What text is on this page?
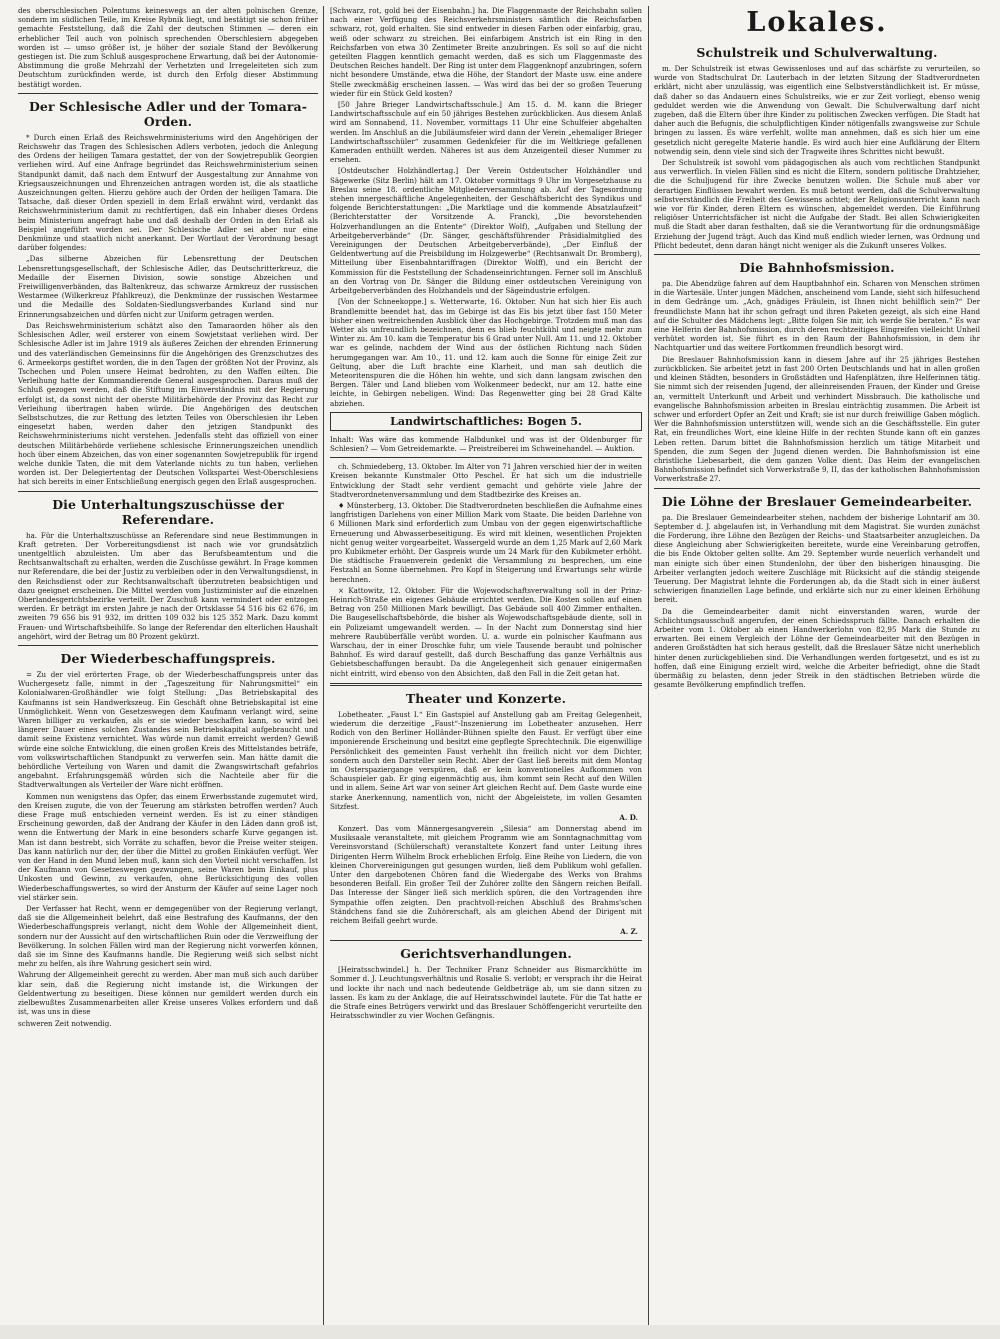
des oberschlesischen Polentums keineswegs an der alten polnischen Grenze, sondern im südlichen Teile, im Kreise Rybnik liegt, und bestätigt sie schon früher gemachte Feststellung, daß die Zahl der deutschen Stimmen — deren ein erheblicher Teil auch von polnisch sprechenden Oberschlesiern abgegeben worden ist — umso größer ist, je höher der soziale Stand der Bevölkerung gestiegen ist. Die zum Schluß ausgesprochene Erwartung, daß bei der Autonomie-Abstimmung die große Mehrzahl der Verhetzten und Irregeleiteten sich zum Deutschtum zurückfinden werde, ist durch den Erfolg dieser Abstimmung bestätigt worden.

Der Schlesische Adler und der Tomara-Orden.

* Durch einen Erlaß des Reichswehrministeriums wird den Angehörigen der Reichswehr das Tragen des Schlesischen Adlers verboten, jedoch die Anlegung des Ordens der heiligen Tamara gestattet, der von der Sowjetrepublik Georgien verliehen wird. Auf eine Anfrage begründet das Reichswehrministerium seinen Standpunkt damit, daß nach dem Entwurf der Ausgestaltung zur Annahme von Kriegsauszeichnungen und Ehrenzeichen antragen worden ist, die als staatliche Auszeichnungen gelten. Hierzu gehöre auch der Orden der heiligen Tamara. Die Tatsache, daß dieser Orden speziell in dem Erlaß erwähnt wird, verdankt das Reichswehrministerium damit zu rechtfertigen, daß ein Inhaber dieses Ordens beim Ministerium angefragt habe und daß deshalb der Orden in den Erlaß als Beispiel angeführt worden sei. Der Schlesische Adler sei aber nur eine Denkmünze und staatlich nicht anerkannt. Der Wortlaut der Verordnung besagt darüber folgendes:

„Das silberne Abzeichen für Lebensrettung der Deutschen Lebensrettungsgesellschaft, der Schlesische Adler, das Deutschritterkreuz, die Medaille der Eisernen Division, sowie sonstige Abzeichen und Freiwilligenverbänden, das Baltenkreuz, das schwarze Armkreuz der russischen Westarmee (Wilkerkreuz Pfahlkreuz), die Denkmünze der russischen Westarmee und die Medaille des Soldaten-Siedlungsverbandes Kurland sind nur Erinnerungsabzeichen und dürfen nicht zur Uniform getragen werden.

Das Reichswehrministerium schätzt also den Tamaraorden höher als den Schlesischen Adler, weil ersterer von einem Sowjetstaat verliehen wird. Der Schlesische Adler ist im Jahre 1919 als äußeres Zeichen der ehrenden Erinnerung und des vaterländischen Gemeinsinns für die Angehörigen des Grenzschutzes des 6. Armeekorps gestiftet worden, die in den Tagen der größten Not der Provinz, als Tschechen und Polen unsere Heimat bedrohten, zu den Waffen eilten. Die Verleihung hatte der Kommandierende General ausgesprochen. Daraus muß der Schluß gezogen werden, daß die Stiftung im Einverständnis mit der Regierung erfolgt ist, da sonst nicht der oberste Militärbehörde der Provinz das Recht zur Verleihung übertragen haben würde. Die Angehörigen des deutschen Selbstschutzes, die zur Rettung des letzten Teiles von Oberschlesien ihr Leben eingesetzt haben, werden daher den jetzigen Standpunkt des Reichswehrministeriums nicht verstehen. Jedenfalls steht das offiziell von einer deutschen Militärbehörde verliehene schlesische Erinnerungszeichen unendlich hoch über einem Abzeichen, das von einer sogenannten Sowjetrepublik für irgend welche dunkle Taten, die mit dem Vaterlande nichts zu tun haben, verliehen worden ist. Der Delegiertentag der Deutschen Volkspartei West-Oberschlesiens hat sich bereits in einer Entschließung energisch gegen den Erlaß ausgesprochen.

Die Unterhaltungszuschüsse der Referendare.

ha. Für die Unterhaltszuschüsse an Referendare sind neue Bestimmungen in Kraft getreten. Der Vorbereitungsdienst ist nach wie vor grundsätzlich unentgeltlich abzuleisten. Um aber das Berufsbeamtentum und die Rechtsanwaltschaft zu erhalten, werden die Zuschüsse gewährt. In Frage kommen nur Referendare, die bei der Justiz zu verbleiben oder in den Verwaltungsdienst, in den Reichsdienst oder zur Rechtsanwaltschaft überzutreten beabsichtigen und dazu geeignet erscheinen. Die Mittel werden vom Justizminister auf die einzelnen Oberlandesgerichtsbezirke verteilt. Der Zuschuß kann vermindert oder entzogen werden. Er beträgt im ersten Jahre je nach der Ortsklasse 54 516 bis 62 676, im zweiten 79 656 bis 91 932, im dritten 109 032 bis 125 352 Mark. Dazu kommt Frauen- und Wirtschaftsbeihilfe. So lange der Referendar den elterlichen Haushalt angehört, wird der Betrag um 80 Prozent gekürzt.

Der Wiederbeschaffungspreis.

= Zu der viel erörterten Frage, ob der Wiederbeschaffungspreis unter das Wuchergesetz falle, nimmt in der „Tageszeitung für Nahrungsmittel“ ein Kolonialwaren-Großhändler wie folgt Stellung: „Das Betriebskapital des Kaufmanns ist sein Handwerkszeug. Ein Geschäft ohne Betriebskapital ist eine Unmöglichkeit. Wenn von Gesetzeswegen dem Kaufmann verlangt wird, seine Waren billiger zu verkaufen, als er sie wieder beschaffen kann, so wird bei längerer Dauer eines solchen Zustandes sein Betriebskapital aufgebraucht und damit seine Existenz vernichtet. Was würde nun damit erreicht werden? Gewiß würde eine solche Entwicklung, die einen großen Kreis des Mittelstandes beträfe, vom volkswirtschaftlichen Standpunkt zu verwerfen sein. Man hätte damit die behördliche Verteilung von Waren und damit die Zwangswirtschaft gefahrlos angebahnt. Erfahrungsgemäß würden sich die Nachteile aber für die Stadtverwaltungen als Verteiler der Ware nicht eröffnen.

Kommen nun wenigstens das Opfer, das einem Erwerbsstande zugemutet wird, den Kreisen zugute, die von der Teuerung am stärksten betroffen werden? Auch diese Frage muß entschieden verneint werden. Es ist zu einer ständigen Erscheinung geworden, daß der Andrang der Käufer in den Läden dann groß ist, wenn die Entwertung der Mark in eine besonders scharfe Kurve gegangen ist. Man ist dann bestrebt, sich Vorräte zu schaffen, bevor die Preise weiter steigen. Das kann natürlich nur der, der über die Mittel zu großen Einkäufen verfügt. Wer von der Hand in den Mund leben muß, kann sich den Vorteil nicht verschaffen. Ist der Kaufmann von Gesetzeswegen gezwungen, seine Waren beim Einkauf, plus Unkosten und Gewinn, zu verkaufen, ohne Berücksichtigung des vollen Wiederbeschaffungswertes, so wird der Ansturm der Käufer auf seine Lager noch viel stärker sein.

Der Verfasser hat Recht, wenn er demgegenüber von der Regierung verlangt, daß sie die Allgemeinheit belehrt, daß eine Bestrafung des Kaufmanns, der den Wiederbeschaffungspreis verlangt, nicht dem Wohle der Allgemeinheit dient, sondern nur der Aussicht auf den wirtschaftlichen Ruin oder die Verzweiflung der Bevölkerung. In solchen Fällen wird man der Regierung nicht vorwerfen können, daß sie im Sinne des Kaufmanns handle. Die Regierung weiß sich selbst nicht mehr zu helfen, als ihre Wahrung gesichert sein wird.

Wahrung der Allgemeinheit gerecht zu werden. Aber man muß sich auch darüber klar sein, daß die Regierung nicht imstande ist, die Wirkungen der Geldentwertung zu beseitigen. Diese können nur gemildert werden durch ein zielbewußtes Zusammenarbeiten aller Kreise unseres Volkes erfordern und daß ist, was uns in diese

schweren Zeit notwendig.

[Schwarz, rot, gold bei der Eisenbahn.] ha. Die Flaggenmaste der Reichsbahn sollen nach einer Verfügung des Reichsverkehrsministers sämtlich die Reichsfarben schwarz, rot, gold erhalten. Sie sind entweder in diesen Farben oder einfarbig, grau, weiß oder schwarz zu streichen. Bei einfarbigem Anstrich ist ein Ring in den Reichsfarben von etwa 30 Zentimeter Breite anzubringen. Es soll so auf die nicht geteilten Flaggen kenntlich gemacht werden, daß es sich um Flaggenmaste des Deutschen Reiches handelt. Der Ring ist unter dem Flaggenknopf anzubringen, sofern nicht besondere Umstände, etwa die Höhe, der Standort der Maste usw. eine andere Stelle zweckmäßig erscheinen lassen. — Was wird das bei der so großen Teuerung wieder für ein Stück Geld kosten?

[50 Jahre Brieger Landwirtschaftsschule.] Am 15. d. M. kann die Brieger Landwirtschaftsschule auf ein 50 jähriges Bestehen zurückblicken. Aus diesem Anlaß wird am Sonnabend, 11. November, vormittags 11 Uhr eine Schulfeier abgehalten werden. Im Anschluß an die Jubiläumsfeier wird dann der Verein „ehemaliger Brieger Landwirtschaftsschüler“ zusammen Gedenkfeier für die im Weltkriege gefallenen Kameraden enthüllt werden. Näheres ist aus dem Anzeigenteil dieser Nummer zu ersehen.

[Ostdeutscher Holzhändlertag.] Der Verein Ostdeutscher Holzhändler und Sägewerke (Sitz Berlin) hält am 17. Oktober vormittags 9 Uhr im Vorgesetzhause zu Breslau seine 18. ordentliche Mitgliederversammlung ab. Auf der Tagesordnung stehen innergeschäftliche Angelegenheiten, der Geschäftsbericht des Syndikus und folgende Berichterstattungen: „Die Marktlage und die kommende Absatzlaufzeit“ (Berichterstatter der Vorsitzende A. Franck), „Die bevorstehenden Holzverhandlungen an die Entente“ (Direktor Wolf), „Aufgaben und Stellung der Arbeitgeberverbände“ (Dr. Sänger, geschäftsführender Präsidialmitglied des Vereinigungen der Deutschen Arbeitgeberverbände), „Der Einfluß der Geldentwertung auf die Preisbildung im Holzgewerbe“ (Rechtsanwalt Dr. Bromberg), Mitteilung über Eisenbahntariffragen (Direktor Wolff), und ein Bericht der Kommission für die Feststellung der Schadenseinrichtungen. Ferner soll im Anschluß an den Vortrag von Dr. Sänger die Bildung einer ostdeutschen Vereinigung von Arbeitgeberverbänden des Holzhandels und der Sägeindustrie erfolgen.

[Von der Schneekoppe.] s. Wetterwarte, 16. Oktober. Nun hat sich hier Eis auch Brandlemitte beendet hat, das im Gebirge ist das Eis bis jetzt über fast 150 Meter bisher einen weitreichenden Ausblick über das Hochgebirge. Trotzdem muß man das Wetter als unfreundlich bezeichnen, denn es blieb feuchtkühl und neigte mehr zum Winter zu. Am 10. kam die Temperatur bis 6 Grad unter Null. Am 11. und 12. Oktober war es gelinde, nachdem der Wind aus der östlichen Richtung nach Süden herumgegangen war. Am 10., 11. und 12. kam auch die Sonne für einige Zeit zur Geltung, aber die Luft brachte eine Klarheit, und man sah deutlich die Meteoritenspuren die die Höhen hin wehte, und sich dann langsam zwischen den Bergen. Täler und Land blieben vom Wolkenmeer bedeckt, nur am 12. hatte eine leichte, in Gebirgen nebeligen. Wind: Das Regenwetter ging bei 28 Grad Kälte abziehen.

Landwirtschaftliches: Bogen 5.

Inhalt: Was wäre das kommende Halbdunkel und was ist der Oldenburger für Schlesien? — Vom Getreidemarkte. — Preistreiberei im Schweinehandel. — Auktion.

ch. Schmiedeberg, 13. Oktober. Im Alter von 71 Jahren verschied hier der in weiten Kreisen bekannte Kunstmaler Otto Peschel. Er hat sich um die industrielle Entwicklung der Stadt sehr verdient gemacht und gehörte viele Jahre der Stadtverordnetenversammlung und dem Stadtbezirke des Kreises an.

♦ Münsterberg, 13. Oktober. Die Stadtverordneten beschließen die Aufnahme eines langfristigen Darlehens von einer Million Mark vom Staate. Die beiden Darlehne von 6 Millionen Mark sind erforderlich zum Umbau von der gegen eigenwirtschaftliche Erneuerung und Abwasserbeseitigung. Es wird mit kleinen, wesentlichen Projekten nicht genug weiter vorgearbeitet. Wassergeld wurde an dem 1,25 Mark auf 2,60 Mark pro Kubikmeter erhöht. Der Gaspreis wurde um 24 Mark für den Kubikmeter erhöht. Die städtische Frauenverein gedenkt die Versammlung zu besprechen, um eine Festzahl an Sonne übernehmen. Pro Kopf in Steigerung und Erwartungs sehr würde berechnen.

× Kattowitz, 12. Oktober. Für die Wojewodschaftsverwaltung soll in der Prinz-Heinrich-Straße ein eigenes Gebäude errichtet werden. Die Kosten sollen auf einen Betrag von 250 Millionen Mark bewilligt. Das Gebäude soll 400 Zimmer enthalten. Die Baugesellschaftsbehörde, die bisher als Wojewodschaftsgebäude diente, soll in ein Polizeiamt umgewandelt werden. — In der Nacht zum Donnerstag sind hier mehrere Raubüberfälle verübt worden. U. a. wurde ein polnischer Kaufmann aus Warschau, der in einer Droschke fuhr, um viele Tausende beraubt und polnischer Bahnhof. Es wird darauf gestellt, daß durch Beschaffung das ganze Verhältnis aus Gebietsbeschaffungen beraubt. Da die Angelegenheit sich genauer einigermaßen nicht eintritt, wird ebenso von den Absichten, daß den Fall in die Zeit getan hat.

Theater und Konzerte.

Lobetheater. „Faust I.“ Ein Gastspiel auf Anstellung gab am Freitag Gelegenheit, wiederum die derzeitige „Faust“-Inszenierung im Lobetheater anzusehen. Herr Rodich von den Berliner Holländer-Bühnen spielte den Faust. Er verfügt über eine imponierende Erscheinung und besitzt eine gepflegte Sprechtechnik. Die eigenwillige Persönlichkeit des gemeinten Faust verhehlt ihn freilich nicht vor dem Dichter, sondern auch den Darsteller sein Recht. Aber der Gast ließ bereits mit dem Montag im Osterspaziergange verspüren, daß er kein konventionelles Aufkommen von Schauspieler gab. Er ging eigenmächtig aus, ihm kommt sein Recht auf den Willen und in allem. Seine Art war von seiner Art gleichen Recht auf. Dem Gaste wurde eine starke Anerkennung, namentlich von, nicht der Abgeleistete, im vollen Gesamten Sitzfest.

A. D.

Konzert. Das vom Männergesangverein „Silesia“ am Donnerstag abend im Musiksaale veranstaltete, mit gleichem Programm wie am Sonntagnachmittag vom Vereinsvorstand (Schülerschaft) veranstaltete Konzert fand unter Leitung ihres Dirigenten Herrn Wilhelm Brock erheblichen Erfolg. Eine Reihe von Liedern, die von kleinen Chorvereinigungen gut gesungen wurden, ließ dem Publikum wohl gefallen. Unter den dargebotenen Chören fand die Wiedergabe des Werks von Brahms besonderen Beifall. Ein großer Teil der Zuhörer zollte den Sängern reichen Beifall. Das Interesse der Sänger ließ sich merklich spüren, die den Vortragenden ihre Sympathie offen zeigten. Den prachtvoll-reichen Abschluß des Brahms'schen Ständchens fand sie die Zuhörerschaft, als am gleichen Abend der Dirigent mit reichem Beifall geehrt wurde.

A. Z.
Gerichtsverhandlungen.

[Heiratsschwindel.] h. Der Techniker Franz Schneider aus Bismarckhütte im Sommer d. J. Leuchtungsverhältnis und Rosalie S. verlobt; er versprach ihr die Heirat und lockte ihr nach und nach bedeutende Geldbeträge ab, um sie dann sitzen zu lassen. Es kam zu der Anklage, die auf Heiratsschwindel lautete. Für die Tat hatte er die Strafe eines Betrügers verwirkt und das Breslauer Schöffengericht verurteilte den Heiratsschwindler zu vier Wochen Gefängnis.

Lokales.
Schulstreik und Schulverwaltung.

m. Der Schulstreik ist etwas Gewissenloses und auf das schärfste zu verurteilen, so wurde von Stadtschulrat Dr. Lauterbach in der letzten Sitzung der Stadtverordneten erklärt, nicht aber unzulässig, was eigentlich eine Selbstverständlichkeit ist. Er müsse, daß daher so das Andauern eines Schulstreiks, wie er zur Zeit vorliegt, ebenso wenig geduldet werden wie die Anwendung von Gewalt. Die Schulverwaltung darf nicht zugeben, daß die Eltern über ihre Kinder zu politischen Zwecken verfügen. Die Stadt hat daher auch die Befugnis, die schulpflichtigen Kinder nötigenfalls zwangsweise zur Schule bringen zu lassen. Es wäre verfehlt, wollte man annehmen, daß es sich hier um eine gesetzlich nicht geregelte Materie handle. Es wird auch hier eine Aufklärung der Eltern notwendig sein, denn viele sind sich der Tragweite ihres Schrittes nicht bewußt.

Der Schulstreik ist sowohl vom pädagogischen als auch vom rechtlichen Standpunkt aus verwerflich. In vielen Fällen sind es nicht die Eltern, sondern politische Drahtzieher, die die Schuljugend für ihre Zwecke benutzen wollen. Die Schule muß aber vor derartigen Einflüssen bewahrt werden. Es muß betont werden, daß die Schulverwaltung selbstverständlich die Freiheit des Gewissens achtet; der Religionsunterricht kann nach wie vor für Kinder, deren Eltern es wünschen, abgemeldet werden. Die Einführung religiöser Unterrichtsfächer ist nicht die Aufgabe der Stadt. Bei allen Schwierigkeiten muß die Stadt aber daran festhalten, daß sie die Verantwortung für die ordnungsmäßige Erziehung der Jugend trägt. Auch das Kind muß endlich wieder lernen, was Ordnung und Pflicht bedeutet, denn daran hängt nicht weniger als die Zukunft unseres Volkes.

Die Bahnhofsmission.

pa. Die Abendzüge fahren auf dem Hauptbahnhof ein. Scharen von Menschen strömen in die Wartesäle. Unter jungen Mädchen, anscheinend vom Lande, sieht sich hilfesuchend in dem Gedränge um. „Ach, gnädiges Fräulein, ist Ihnen nicht behilflich sein?“ Der freundlichste Mann hat ihr schon gefragt und ihren Paketen gezeigt, als sich eine Hand auf die Schulter des Mädchens legt: „Bitte folgen Sie mir, ich werde Sie beraten.“ Es war eine Helferin der Bahnhofsmission, durch deren rechtzeitiges Eingreifen vielleicht Unheil verhütet worden ist. Sie führt es in den Raum der Bahnhofsmission, in dem ihr Nachtquartier und das weitere Fortkommen freundlich besorgt wird.

Die Breslauer Bahnhofsmission kann in diesem Jahre auf ihr 25 jähriges Bestehen zurückblicken. Sie arbeitet jetzt in fast 200 Orten Deutschlands und hat in allen großen und kleinen Städten, besonders in Großstädten und Hafenplätzen, ihre Helferinnen tätig. Sie nimmt sich der reisenden Jugend, der alleinreisenden Frauen, der Kinder und Greise an, vermittelt Unterkunft und Arbeit und verhindert Missbrauch. Die katholische und evangelische Bahnhofsmission arbeiten in Breslau einträchtig zusammen. Die Arbeit ist schwer und erfordert Opfer an Zeit und Kraft; sie ist nur durch freiwillige Gaben möglich. Wer die Bahnhofsmission unterstützen will, wende sich an die Geschäftsstelle. Ein guter Rat, ein freundliches Wort, eine kleine Hilfe in der rechten Stunde kann oft ein ganzes Leben retten. Darum bittet die Bahnhofsmission herzlich um tätige Mitarbeit und Spenden, die zum Segen der Jugend dienen werden. Die Bahnhofsmission ist eine christliche Liebesarbeit, die dem ganzen Volke dient. Das Heim der evangelischen Bahnhofsmission befindet sich Vorwerkstraße 9, II, das der katholischen Bahnhofsmission Vorwerkstraße 27.

Die Löhne der Breslauer Gemeindearbeiter.

pa. Die Breslauer Gemeindearbeiter stehen, nachdem der bisherige Lohntarif am 30. September d. J. abgelaufen ist, in Verhandlung mit dem Magistrat. Sie wurden zunächst die Forderung, ihre Löhne den Bezügen der Reichs- und Staatsarbeiter anzugleichen. Da diese Angleichung aber Schwierigkeiten bereitete, wurde eine Vereinbarung getroffen, die bis Ende Oktober gelten sollte. Am 29. September wurde neuerlich verhandelt und man einigte sich über einen Stundenlohn, der über den bisherigen hinausging. Die Arbeiter verlangten jedoch weitere Zuschläge mit Rücksicht auf die ständig steigende Teuerung. Der Magistrat lehnte die Forderungen ab, da die Stadt sich in einer äußerst schwierigen finanziellen Lage befinde, und erklärte sich nur zu einer kleinen Erhöhung bereit.

Da die Gemeindearbeiter damit nicht einverstanden waren, wurde der Schlichtungsausschuß angerufen, der einen Schiedsspruch fällte. Danach erhalten die Arbeiter vom 1. Oktober ab einen Handwerkerlohn von 82,95 Mark die Stunde zu erwarten. Bei einem Vergleich der Löhne der Gemeindearbeiter mit den Bezügen in anderen Großstädten hat sich heraus gestellt, daß die Breslauer Sätze nicht unerheblich hinter denen zurückgeblieben sind. Die Verhandlungen werden fortgesetzt, und es ist zu hoffen, daß eine Einigung erzielt wird, welche die Arbeiter befriedigt, ohne die Stadt übermäßig zu belasten, denn jeder Streik in den städtischen Betrieben würde die gesamte Bevölkerung empfindlich treffen.
